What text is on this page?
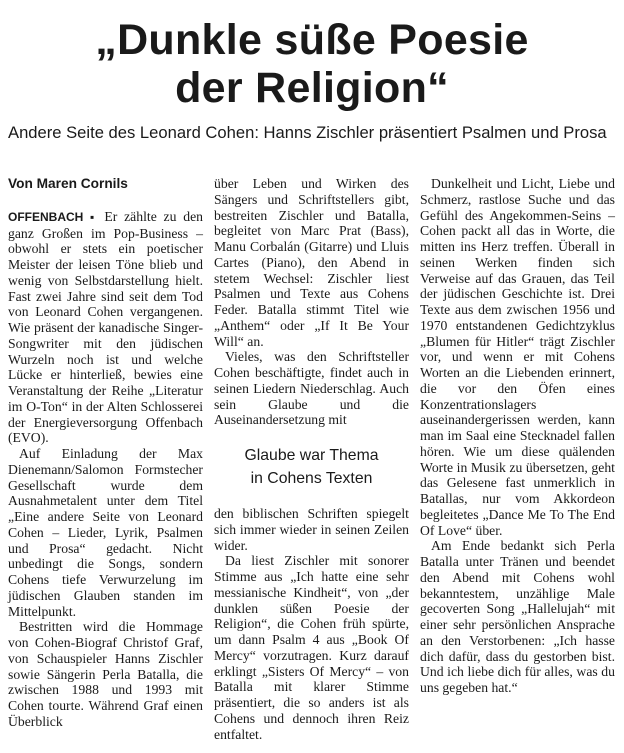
„Dunkle süße Poesie
der Religion“

Andere Seite des Leonard Cohen: Hanns Zischler präsentiert Psalmen und Prosa

Von Maren Cornils

OFFENBACH ▪ Er zählte zu den ganz Großen im Pop-Business – obwohl er stets ein poetischer Meister der leisen Töne blieb und wenig von Selbstdarstellung hielt. Fast zwei Jahre sind seit dem Tod von Leonard Cohen vergangenen. Wie präsent der kanadische Singer-Songwriter mit den jüdischen Wurzeln noch ist und welche Lücke er hinterließ, bewies eine Veranstaltung der Reihe „Literatur im O-Ton“ in der Alten Schlosserei der Energieversorgung Offenbach (EVO).

Auf Einladung der Max Dienemann/Salomon Formstecher Gesellschaft wurde dem Ausnahmetalent unter dem Titel „Eine andere Seite von Leonard Cohen – Lieder, Lyrik, Psalmen und Prosa“ gedacht. Nicht unbedingt die Songs, sondern Cohens tiefe Verwurzelung im jüdischen Glauben standen im Mittelpunkt.

Bestritten wird die Hommage von Cohen-Biograf Christof Graf, von Schauspieler Hanns Zischler sowie Sängerin Perla Batalla, die zwischen 1988 und 1993 mit Cohen tourte. Während Graf einen Überblick

über Leben und Wirken des Sängers und Schriftstellers gibt, bestreiten Zischler und Batalla, begleitet von Marc Prat (Bass), Manu Corbalán (Gitarre) und Lluis Cartes (Piano), den Abend in stetem Wechsel: Zischler liest Psalmen und Texte aus Cohens Feder. Batalla stimmt Titel wie „Anthem“ oder „If It Be Your Will“ an.

Vieles, was den Schriftsteller Cohen beschäftigte, findet auch in seinen Liedern Niederschlag. Auch sein Glaube und die Auseinandersetzung mit

Glaube war Thema
in Cohens Texten

den biblischen Schriften spiegelt sich immer wieder in seinen Zeilen wider.

Da liest Zischler mit sonorer Stimme aus „Ich hatte eine sehr messianische Kindheit“, von „der dunklen süßen Poesie der Religion“, die Cohen früh spürte, um dann Psalm 4 aus „Book Of Mercy“ vorzutragen. Kurz darauf erklingt „Sisters Of Mercy“ – von Batalla mit klarer Stimme präsentiert, die so anders ist als Cohens und dennoch ihren Reiz entfaltet.

Dunkelheit und Licht, Liebe und Schmerz, rastlose Suche und das Gefühl des Angekommen-Seins – Cohen packt all das in Worte, die mitten ins Herz treffen. Überall in seinen Werken finden sich Verweise auf das Grauen, das Teil der jüdischen Geschichte ist. Drei Texte aus dem zwischen 1956 und 1970 entstandenen Gedichtzyklus „Blumen für Hitler“ trägt Zischler vor, und wenn er mit Cohens Worten an die Liebenden erinnert, die vor den Öfen eines Konzentrationslagers auseinandergerissen werden, kann man im Saal eine Stecknadel fallen hören. Wie um diese quälenden Worte in Musik zu übersetzen, geht das Gelesene fast unmerklich in Batallas, nur vom Akkordeon begleitetes „Dance Me To The End Of Love“ über.

Am Ende bedankt sich Perla Batalla unter Tränen und beendet den Abend mit Cohens wohl bekanntestem, unzählige Male gecoverten Song „Hallelujah“ mit einer sehr persönlichen Ansprache an den Verstorbenen: „Ich hasse dich dafür, dass du gestorben bist. Und ich liebe dich für alles, was du uns gegeben hat.“
